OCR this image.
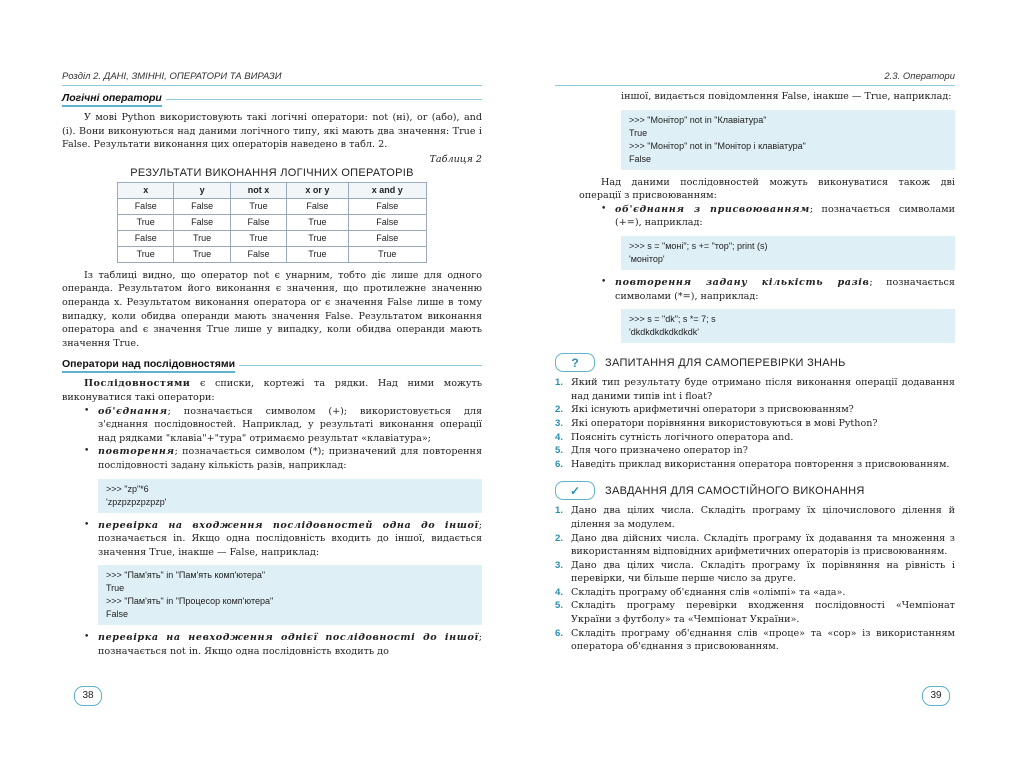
Розділ 2. ДАНІ, ЗМІННІ, ОПЕРАТОРИ ТА ВИРАЗИ
Логічні оператори

У мові Python використовують такі логічні оператори: not (ні), or (або), and (і). Вони виконуються над даними логічного типу, які мають два значення: True і False. Результати виконання цих операторів наведено в табл. 2.

Таблиця 2
РЕЗУЛЬТАТИ ВИКОНАННЯ ЛОГІЧНИХ ОПЕРАТОРІВ
x	y	not x	x or y	x and y
False	False	True	False	False
True	False	False	True	False
False	True	True	True	False
True	True	False	True	True

Із таблиці видно, що оператор not є унарним, тобто діє лише для одного операнда. Результатом його виконання є значення, що протилежне значенню операнда x. Результатом виконання оператора or є значення False лише в тому випадку, коли обидва операнди мають значення False. Результатом виконання оператора and є значення True лише у випадку, коли обидва операнди мають значення True.

Оператори над послідовностями

Послідовностями є списки, кортежі та рядки. Над ними можуть виконуватися такі оператори:

• об'єднання; позначається символом (+); використовується для з'єднання послідовностей. Наприклад, у результаті виконання операції над рядками "клавіа"+"тура" отримаємо результат «клавіатура»;
• повторення; позначається символом (*); призначений для повторення послідовності задану кількість разів, наприклад:
>>> "zp"*6
'zpzpzpzpzpzp'
• перевірка на входження послідовностей одна до іншої; позначається in. Якщо одна послідовність входить до іншої, видається значення True, інакше — False, наприклад:
>>> "Пам'ять" in "Пам'ять комп'ютера"
True
>>> "Пам'ять" in "Процесор комп'ютера"
False
• перевірка на невходження однієї послідовності до іншої; позначається not in. Якщо одна послідовність входить до
38
2.3. Оператори

іншої, видається повідомлення False, інакше — True, наприклад:

>>> "Монітор" not in "Клавіатура"
True
>>> "Монітор" not in "Монітор і клавіатура"
False

Над даними послідовностей можуть виконуватися також дві операції з присвоюванням:

• об'єднання з присвоюванням; позначається символами (+=), наприклад:
>>> s = "моні"; s += "тор"; print (s)
'монітор'
• повторення задану кількість разів; позначається символами (*=), наприклад:
>>> s = "dk"; s *= 7; s
'dkdkdkdkdkdkdk'
?	ЗАПИТАННЯ ДЛЯ САМОПЕРЕВІРКИ ЗНАНЬ
1. Який тип результату буде отримано після виконання операції додавання над даними типів int і float?
2. Які існують арифметичні оператори з присвоюванням?
3. Які оператори порівняння використовуються в мові Python?
4. Поясніть сутність логічного оператора and.
5. Для чого призначено оператор in?
6. Наведіть приклад використання оператора повторення з присвоюванням.
✓	ЗАВДАННЯ ДЛЯ САМОСТІЙНОГО ВИКОНАННЯ
1. Дано два цілих числа. Складіть програму їх цілочислового ділення й ділення за модулем.
2. Дано два дійсних числа. Складіть програму їх додавання та множення з використанням відповідних арифметичних операторів із присвоюванням.
3. Дано два цілих числа. Складіть програму їх порівняння на рівність і перевірки, чи більше перше число за друге.
4. Складіть програму об'єднання слів «олімпі» та «ада».
5. Складіть програму перевірки входження послідовності «Чемпіонат України з футболу» та «Чемпіонат України».
6. Складіть програму об'єднання слів «проце» та «сор» із використанням оператора об'єднання з присвоюванням.
39
